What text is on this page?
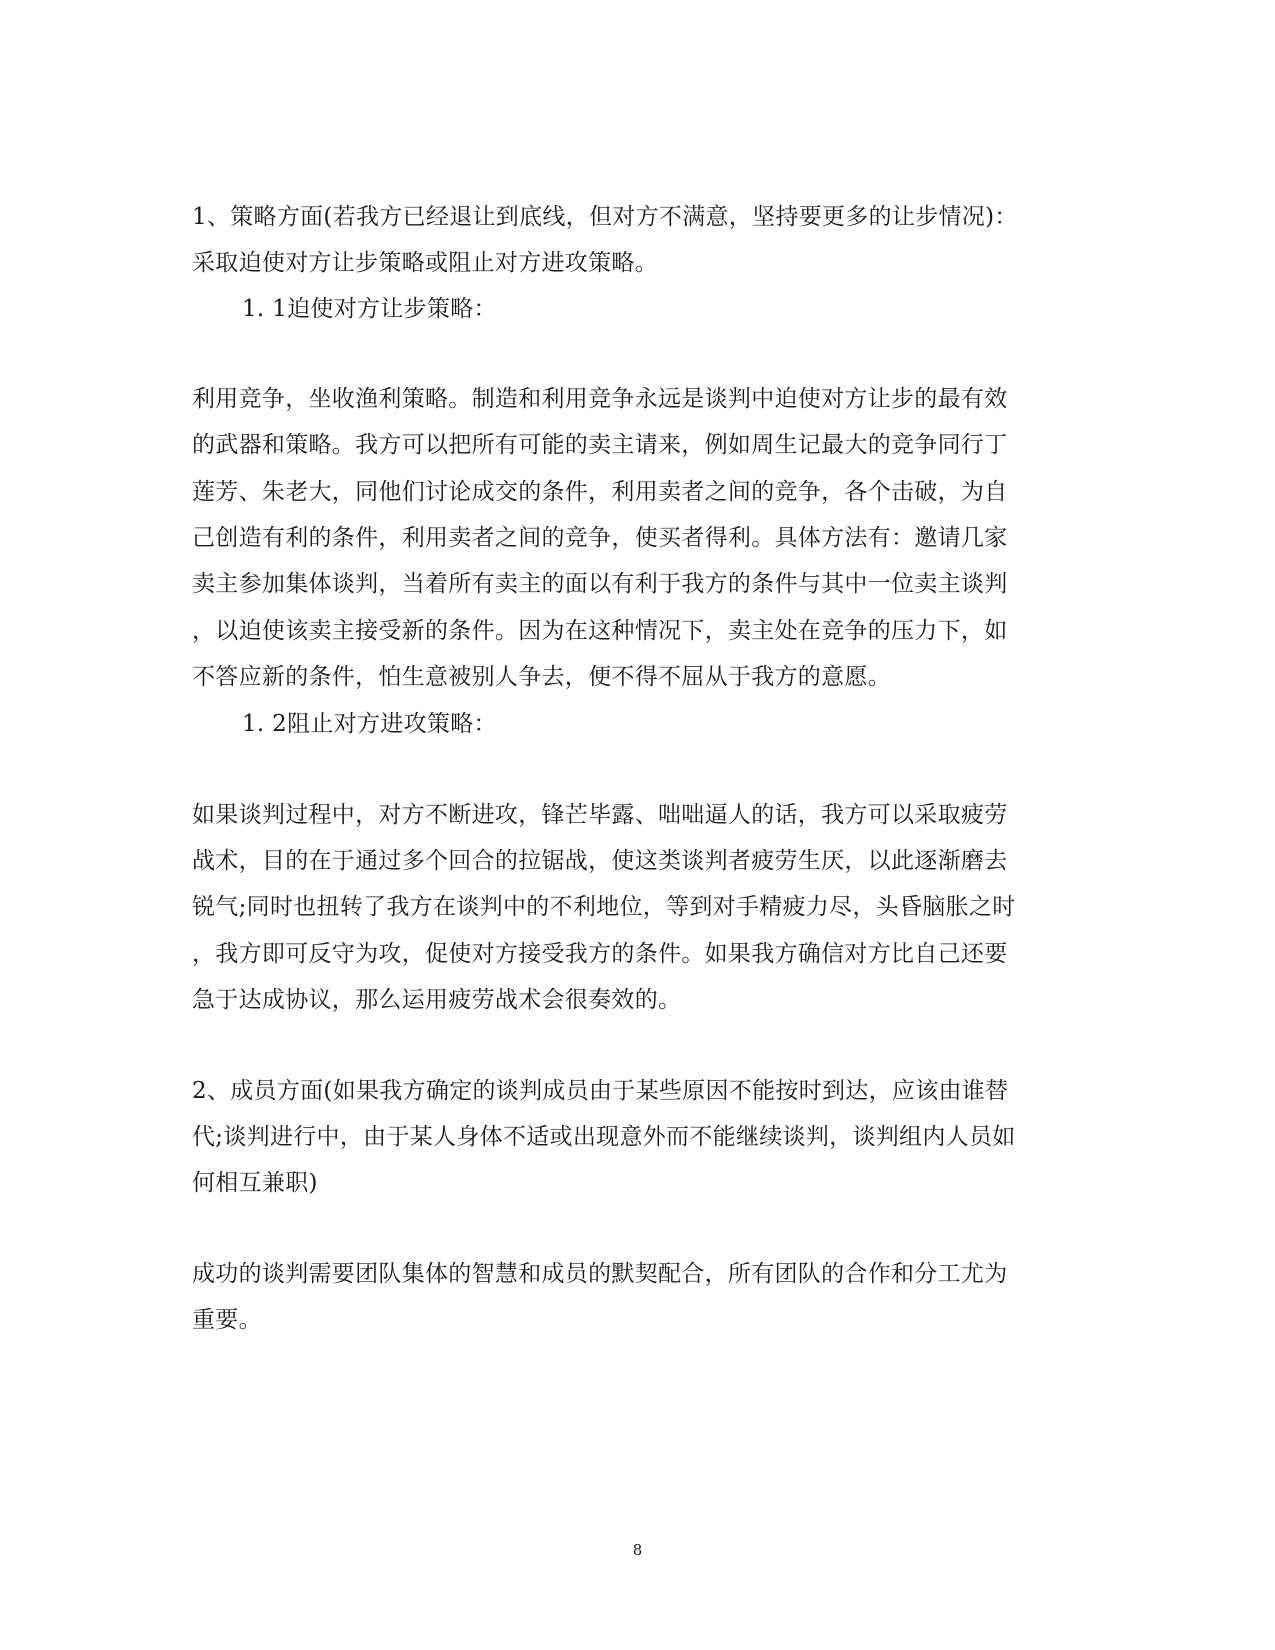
1、策略方面(若我方已经退让到底线，但对方不满意，坚持要更多的让步情况)：
采取迫使对方让步策略或阻止对方进攻策略。
1. 1迫使对方让步策略：
利用竞争，坐收渔利策略。制造和利用竞争永远是谈判中迫使对方让步的最有效
的武器和策略。我方可以把所有可能的卖主请来，例如周生记最大的竞争同行丁
莲芳、朱老大，同他们讨论成交的条件，利用卖者之间的竞争，各个击破，为自
己创造有利的条件，利用卖者之间的竞争，使买者得利。具体方法有：邀请几家
卖主参加集体谈判，当着所有卖主的面以有利于我方的条件与其中一位卖主谈判
，以迫使该卖主接受新的条件。因为在这种情况下，卖主处在竞争的压力下，如
不答应新的条件，怕生意被别人争去，便不得不屈从于我方的意愿。
1. 2阻止对方进攻策略：
如果谈判过程中，对方不断进攻，锋芒毕露、咄咄逼人的话，我方可以采取疲劳
战术，目的在于通过多个回合的拉锯战，使这类谈判者疲劳生厌，以此逐渐磨去
锐气;同时也扭转了我方在谈判中的不利地位，等到对手精疲力尽，头昏脑胀之时
，我方即可反守为攻，促使对方接受我方的条件。如果我方确信对方比自己还要
急于达成协议，那么运用疲劳战术会很奏效的。
2、成员方面(如果我方确定的谈判成员由于某些原因不能按时到达，应该由谁替
代;谈判进行中，由于某人身体不适或出现意外而不能继续谈判，谈判组内人员如
何相互兼职)
成功的谈判需要团队集体的智慧和成员的默契配合，所有团队的合作和分工尤为
重要。
8
